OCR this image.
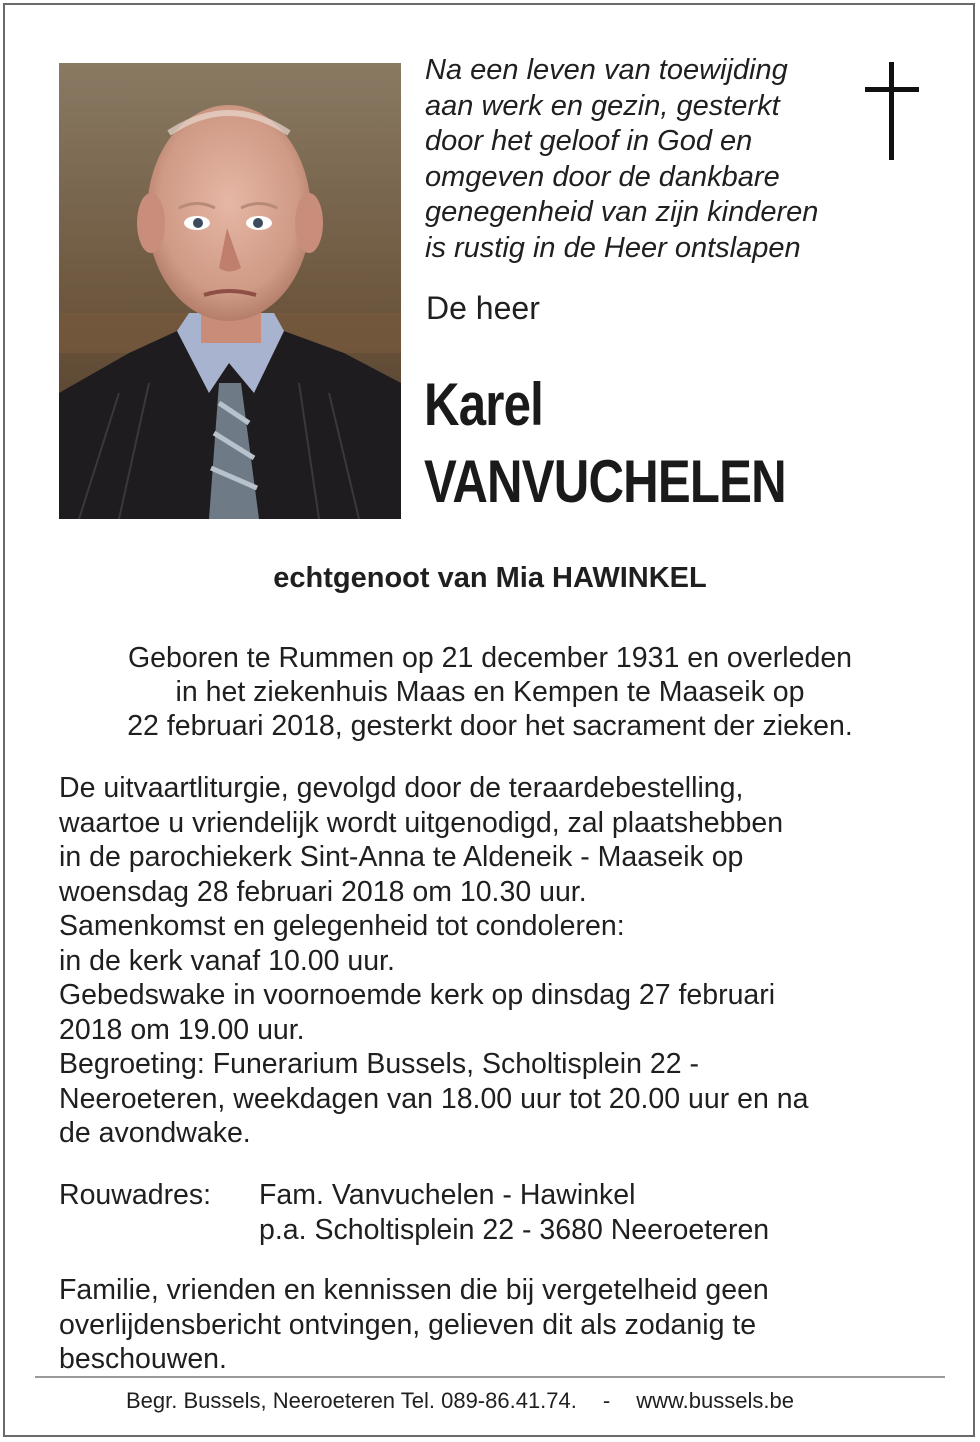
Na een leven van toewijding
aan werk en gezin, gesterkt
door het geloof in God en
omgeven door de dankbare
genegenheid van zijn kinderen
is rustig in de Heer ontslapen
De heer
Karel
VANVUCHELEN
echtgenoot van Mia HAWINKEL
Geboren te Rummen op 21 december 1931 en overleden
in het ziekenhuis Maas en Kempen te Maaseik op
22 februari 2018, gesterkt door het sacrament der zieken.
De uitvaartliturgie, gevolgd door de teraardebestelling,
waartoe u vriendelijk wordt uitgenodigd, zal plaatshebben
in de parochiekerk Sint-Anna te Aldeneik - Maaseik op
woensdag 28 februari 2018 om 10.30 uur.
Samenkomst en gelegenheid tot condoleren:
in de kerk vanaf 10.00 uur.
Gebedswake in voornoemde kerk op dinsdag 27 februari
2018 om 19.00 uur.
Begroeting: Funerarium Bussels, Scholtisplein 22 -
Neeroeteren, weekdagen van 18.00 uur tot 20.00 uur en na
de avondwake.
Rouwadres: Fam. Vanvuchelen - Hawinkel
p.a. Scholtisplein 22 - 3680 Neeroeteren
Familie, vrienden en kennissen die bij vergetelheid geen
overlijdensbericht ontvingen, gelieven dit als zodanig te
beschouwen.
Begr. Bussels, Neeroeteren Tel. 089-86.41.74. - www.bussels.be
